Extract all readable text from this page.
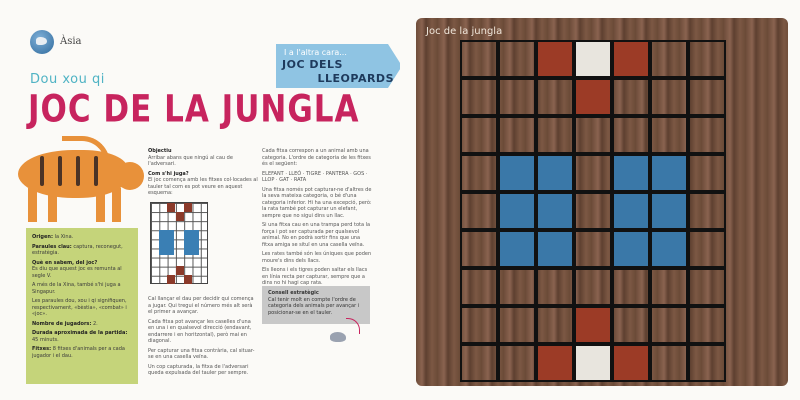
Àsia
Dou xou qi
JOC DE LA JUNGLA
Origen: la Xina.
Paraules clau: captura, reconegut, estratègia.
Què en sabem, del joc?
Es diu que aquest joc es remunta al segle V.
A més de la Xina, també s'hi juga a Singapur.
Les paraules dou, xou i qi signifiquen, respectivament, «bèstia», «combat» i «joc».
Nombre de jugadors: 2.
Durada aproximada de la partida: 45 minuts.
Fitxes: 8 fitxes d'animals per a cada jugador i el dau.
Objectiu

Arribar abans que ningú al cau de l'adversari.

Com s'hi juga?

El joc comença amb les fitxes col·locades al tauler tal com es pot veure en aquest esquema:

Cal llançar el dau per decidir qui comença a jugar. Qui tregui el número més alt serà el primer a avançar.

Cada fitxa pot avançar les caselles d'una en una i en qualsevol direcció (endavant, endarrere i en horitzontal), però mai en diagonal.

Per capturar una fitxa contrària, cal situar-se en una casella veïna.

Un cop capturada, la fitxa de l'adversari queda expulsada del tauler per sempre.

Cada fitxa correspon a un animal amb una categoria. L'ordre de categoria de les fitxes és el següent:

ELEFANT · LLEÓ · TIGRE · PANTERA · GOS · LLOP · GAT · RATA

Una fitxa només pot capturar-ne d'altres de la seva mateixa categoria, o bé d'una categoria inferior. Hi ha una excepció, però: la rata també pot capturar un elefant, sempre que no sigui dins un llac.

Si una fitxa cau en una trampa perd tota la força i pot ser capturada per qualsevol animal. No en podrà sortir fins que una fitxa amiga se situï en una casella veïna.

Les rates també són les úniques que poden moure's dins dels llacs.

Els lleons i els tigres poden saltar els llacs en línia recta per capturar, sempre que a dins no hi hagi cap rata.

Consell estratègic
Cal tenir molt en compte l'ordre de categoria dels animals per avançar i posicionar-se en el tauler.
I a l'altra cara...
JOC DELS
LLEOPARDS
Joc de la jungla
